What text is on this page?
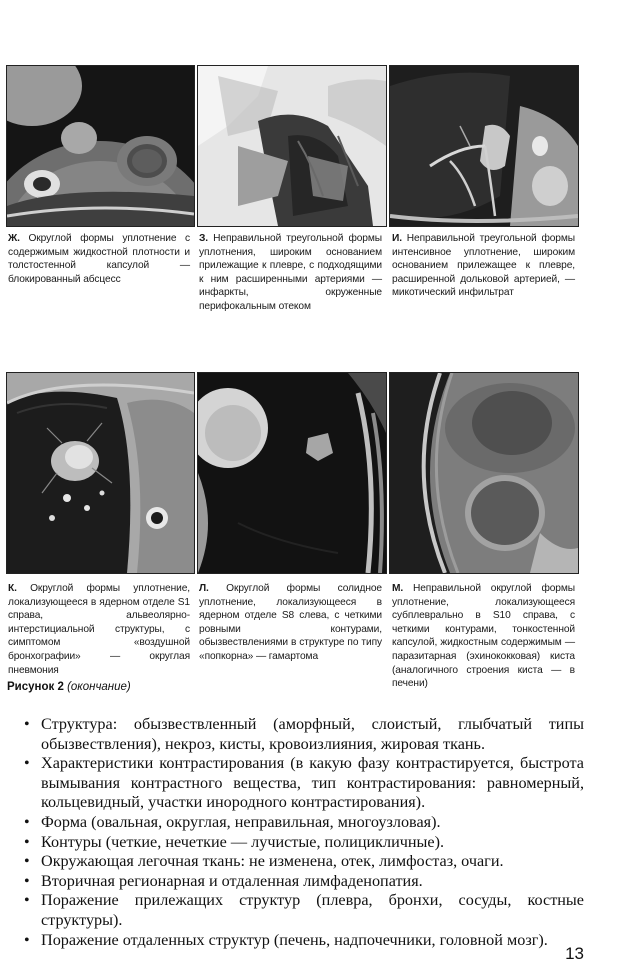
Ж. Округлой формы уплотнение с содержимым жидкостной плотности и толстостенной капсулой — блокированный абсцесс
З. Неправильной треугольной формы уплотнения, широким основанием прилежащие к плевре, с подходящими к ним расширенными артериями — инфаркты, окруженные перифокальным отеком
И. Неправильной треугольной формы интенсивное уплотнение, широким основанием прилежащее к плевре, расширенной дольковой артерией, — микотический инфильтрат
К. Округлой формы уплотнение, локализующееся в ядерном отделе S1 справа, альвеолярно-интерстициальной структуры, с симптомом «воздушной бронхографии» — округлая пневмония
Л. Округлой формы солидное уплотнение, локализующееся в ядерном отделе S8 слева, с четкими ровными контурами, обызвествлениями в структуре по типу «попкорна» — гамартома
М. Неправильной округлой формы уплотнение, локализующееся субплеврально в S10 справа, с четкими контурами, тонкостенной капсулой, жидкостным содержимым — паразитарная (эхинококковая) киста (аналогичного строения киста — в печени)
Рисунок 2 (окончание)
• Структура: обызвествленный (аморфный, слоистый, глыбчатый типы обызвествления), некроз, кисты, кровоизлияния, жировая ткань.
• Характеристики контрастирования (в какую фазу контрастируется, быстрота вымывания контрастного вещества, тип контрастирования: равномерный, кольцевидный, участки инородного контрастирования).
• Форма (овальная, округлая, неправильная, многоузловая).
• Контуры (четкие, нечеткие — лучистые, полицикличные).
• Окружающая легочная ткань: не изменена, отек, лимфостаз, очаги.
• Вторичная регионарная и отдаленная лимфаденопатия.
• Поражение прилежащих структур (плевра, бронхи, сосуды, костные структуры).
• Поражение отдаленных структур (печень, надпочечники, головной мозг).
13
